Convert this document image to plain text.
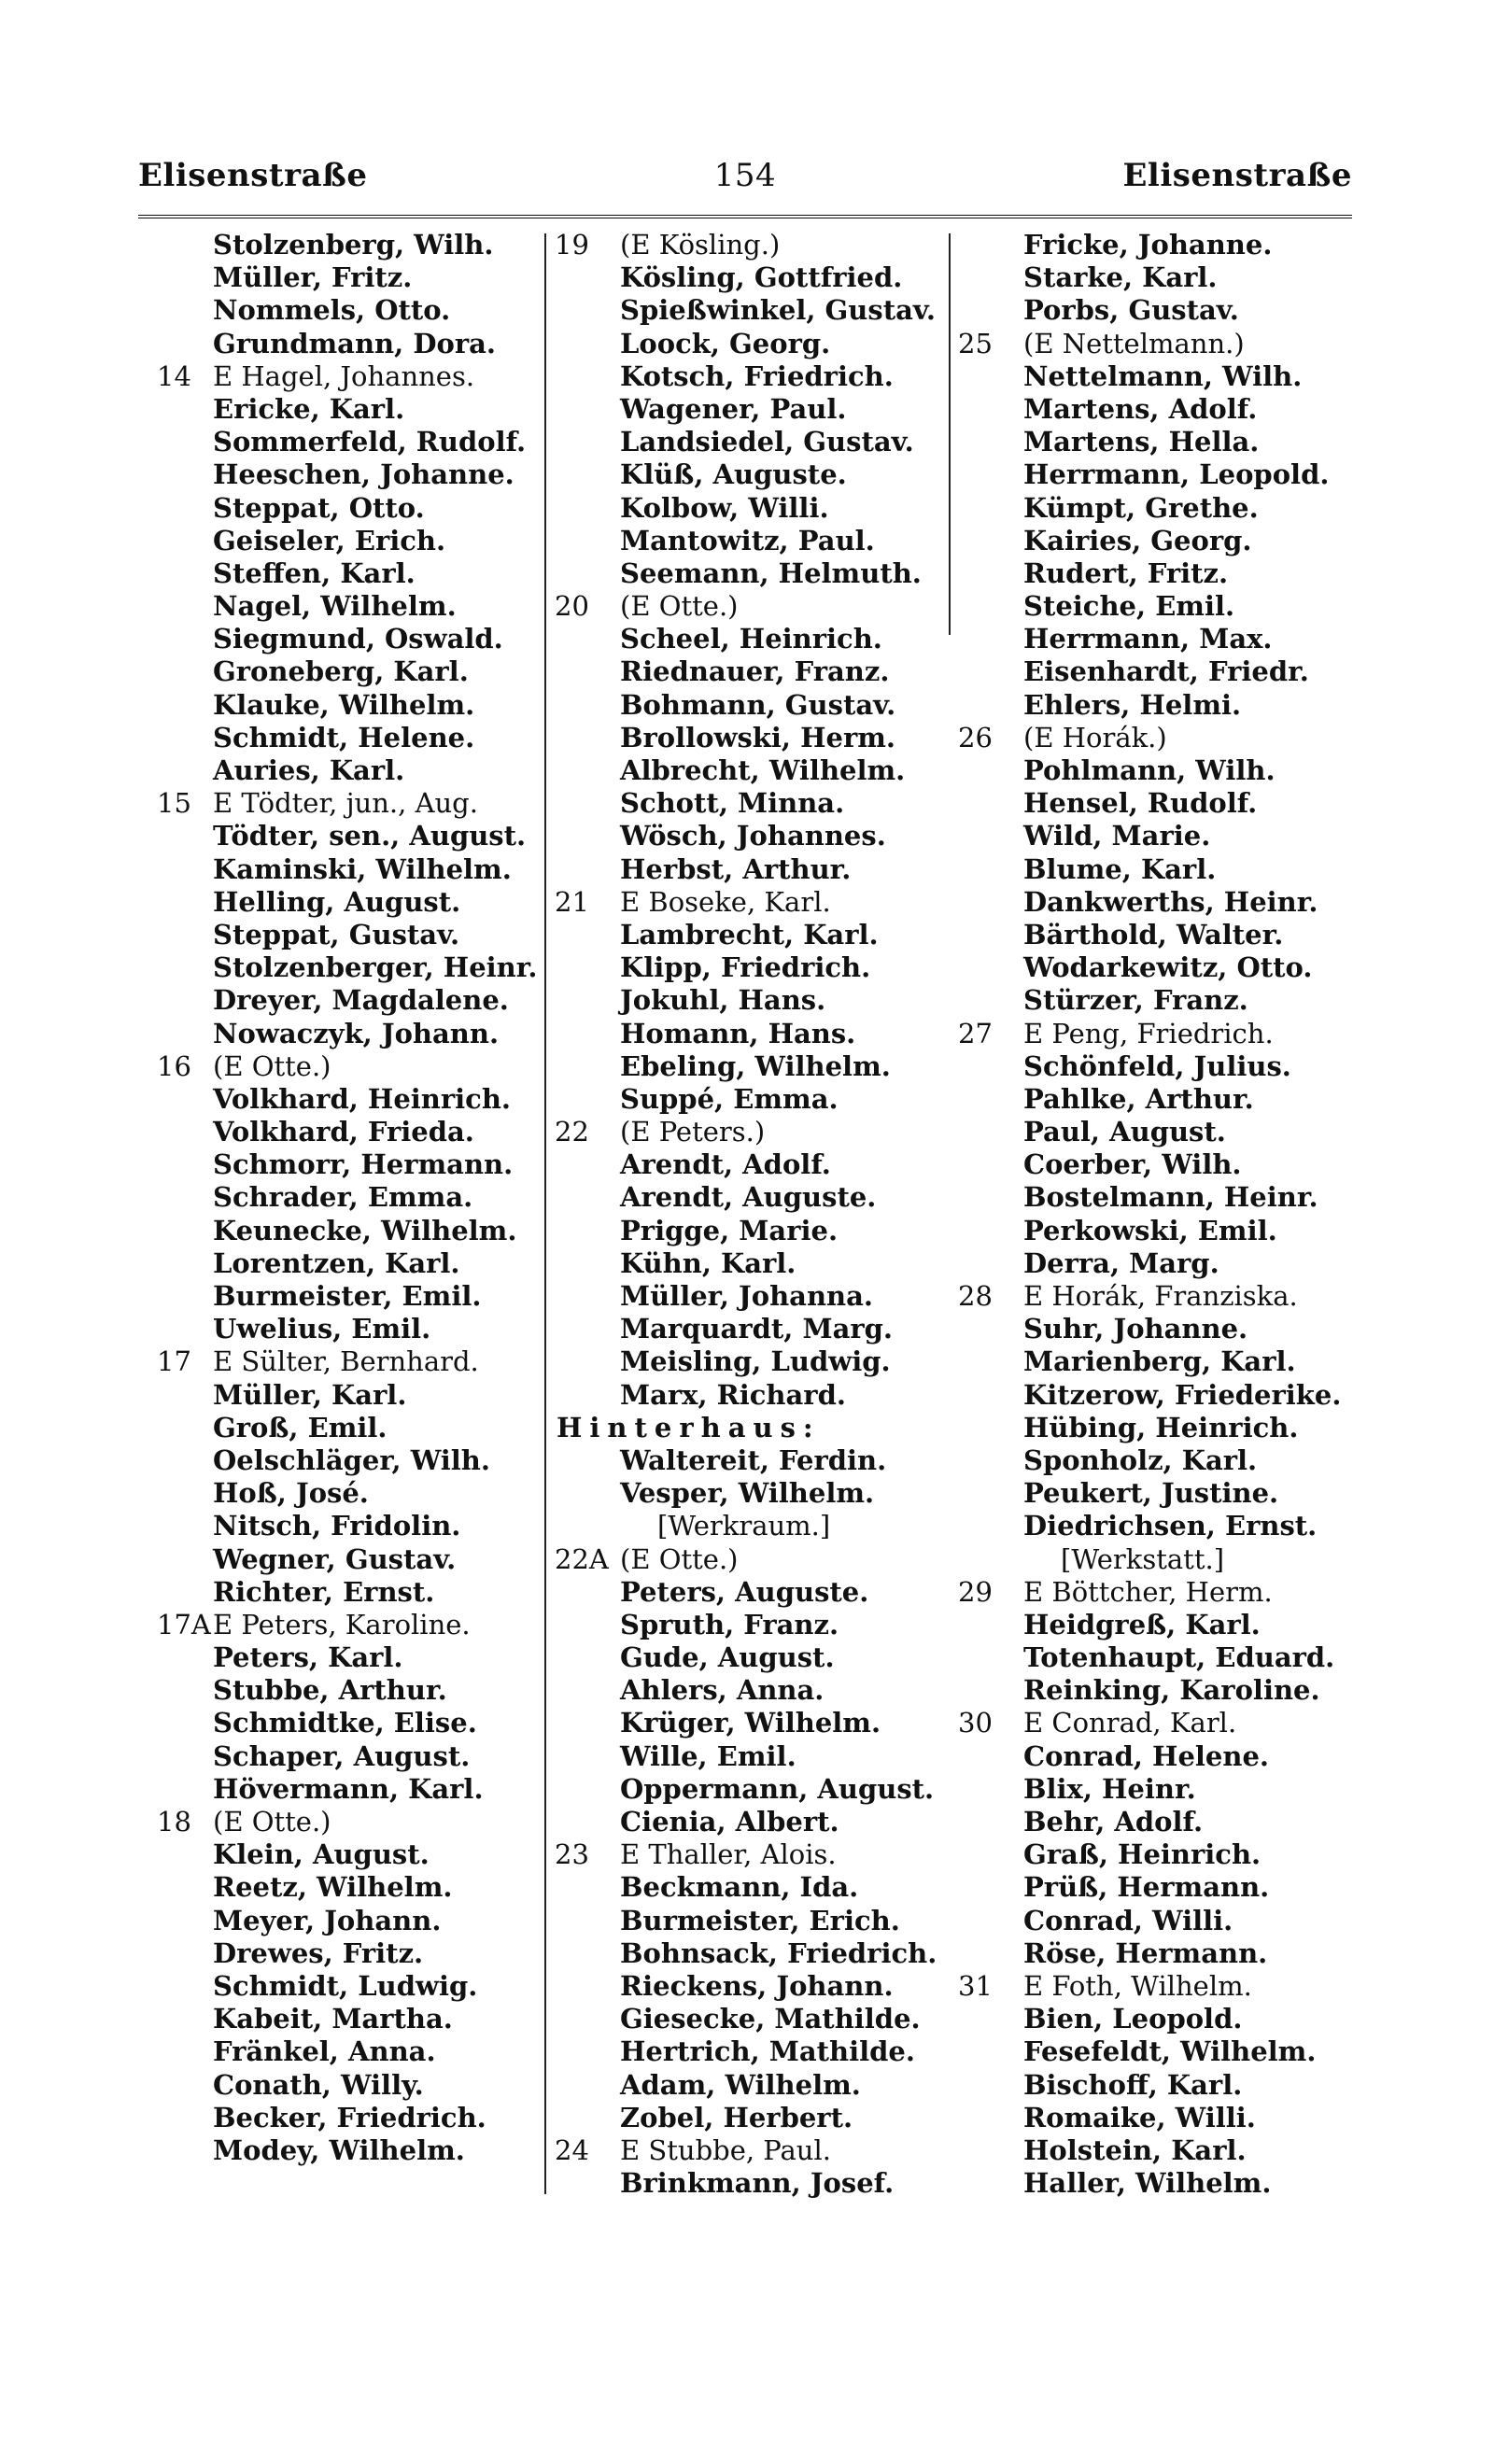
Elisenstraße	154	Elisenstraße
Stolzenberg, Wilh.
Müller, Fritz.
Nommels, Otto.
Grundmann, Dora.
14 E Hagel, Johannes.
Ericke, Karl.
Sommerfeld, Rudolf.
Heeschen, Johanne.
Steppat, Otto.
Geiseler, Erich.
Steffen, Karl.
Nagel, Wilhelm.
Siegmund, Oswald.
Groneberg, Karl.
Klauke, Wilhelm.
Schmidt, Helene.
Auries, Karl.
15 E Tödter, jun., Aug.
Tödter, sen., August.
Kaminski, Wilhelm.
Helling, August.
Steppat, Gustav.
Stolzenberger, Heinr.
Dreyer, Magdalene.
Nowaczyk, Johann.
16 (E Otte.)
Volkhard, Heinrich.
Volkhard, Frieda.
Schmorr, Hermann.
Schrader, Emma.
Keunecke, Wilhelm.
Lorentzen, Karl.
Burmeister, Emil.
Uwelius, Emil.
17 E Sülter, Bernhard.
Müller, Karl.
Groß, Emil.
Oelschläger, Wilh.
Hoß, José.
Nitsch, Fridolin.
Wegner, Gustav.
Richter, Ernst.
17A E Peters, Karoline.
Peters, Karl.
Stubbe, Arthur.
Schmidtke, Elise.
Schaper, August.
Hövermann, Karl.
18 (E Otte.)
Klein, August.
Reetz, Wilhelm.
Meyer, Johann.
Drewes, Fritz.
Schmidt, Ludwig.
Kabeit, Martha.
Fränkel, Anna.
Conath, Willy.
Becker, Friedrich.
Modey, Wilhelm.
19 (E Kösling.)
Kösling, Gottfried.
Spießwinkel, Gustav.
Loock, Georg.
Kotsch, Friedrich.
Wagener, Paul.
Landsiedel, Gustav.
Klüß, Auguste.
Kolbow, Willi.
Mantowitz, Paul.
Seemann, Helmuth.
20 (E Otte.)
Scheel, Heinrich.
Riednauer, Franz.
Bohmann, Gustav.
Brollowski, Herm.
Albrecht, Wilhelm.
Schott, Minna.
Wösch, Johannes.
Herbst, Arthur.
21 E Boseke, Karl.
Lambrecht, Karl.
Klipp, Friedrich.
Jokuhl, Hans.
Homann, Hans.
Ebeling, Wilhelm.
Suppé, Emma.
22 (E Peters.)
Arendt, Adolf.
Arendt, Auguste.
Prigge, Marie.
Kühn, Karl.
Müller, Johanna.
Marquardt, Marg.
Meisling, Ludwig.
Marx, Richard.
Hinterhaus:
Waltereit, Ferdin.
Vesper, Wilhelm.
[Werkraum.]
22A (E Otte.)
Peters, Auguste.
Spruth, Franz.
Gude, August.
Ahlers, Anna.
Krüger, Wilhelm.
Wille, Emil.
Oppermann, August.
Cienia, Albert.
23 E Thaller, Alois.
Beckmann, Ida.
Burmeister, Erich.
Bohnsack, Friedrich.
Rieckens, Johann.
Giesecke, Mathilde.
Hertrich, Mathilde.
Adam, Wilhelm.
Zobel, Herbert.
24 E Stubbe, Paul.
Brinkmann, Josef.
Fricke, Johanne.
Starke, Karl.
Porbs, Gustav.
25 (E Nettelmann.)
Nettelmann, Wilh.
Martens, Adolf.
Martens, Hella.
Herrmann, Leopold.
Kümpt, Grethe.
Kairies, Georg.
Rudert, Fritz.
Steiche, Emil.
Herrmann, Max.
Eisenhardt, Friedr.
Ehlers, Helmi.
26 (E Horák.)
Pohlmann, Wilh.
Hensel, Rudolf.
Wild, Marie.
Blume, Karl.
Dankwerths, Heinr.
Bärthold, Walter.
Wodarkewitz, Otto.
Stürzer, Franz.
27 E Peng, Friedrich.
Schönfeld, Julius.
Pahlke, Arthur.
Paul, August.
Coerber, Wilh.
Bostelmann, Heinr.
Perkowski, Emil.
Derra, Marg.
28 E Horák, Franziska.
Suhr, Johanne.
Marienberg, Karl.
Kitzerow, Friederike.
Hübing, Heinrich.
Sponholz, Karl.
Peukert, Justine.
Diedrichsen, Ernst.
[Werkstatt.]
29 E Böttcher, Herm.
Heidgreß, Karl.
Totenhaupt, Eduard.
Reinking, Karoline.
30 E Conrad, Karl.
Conrad, Helene.
Blix, Heinr.
Behr, Adolf.
Graß, Heinrich.
Prüß, Hermann.
Conrad, Willi.
Röse, Hermann.
31 E Foth, Wilhelm.
Bien, Leopold.
Fesefeldt, Wilhelm.
Bischoff, Karl.
Romaike, Willi.
Holstein, Karl.
Haller, Wilhelm.
